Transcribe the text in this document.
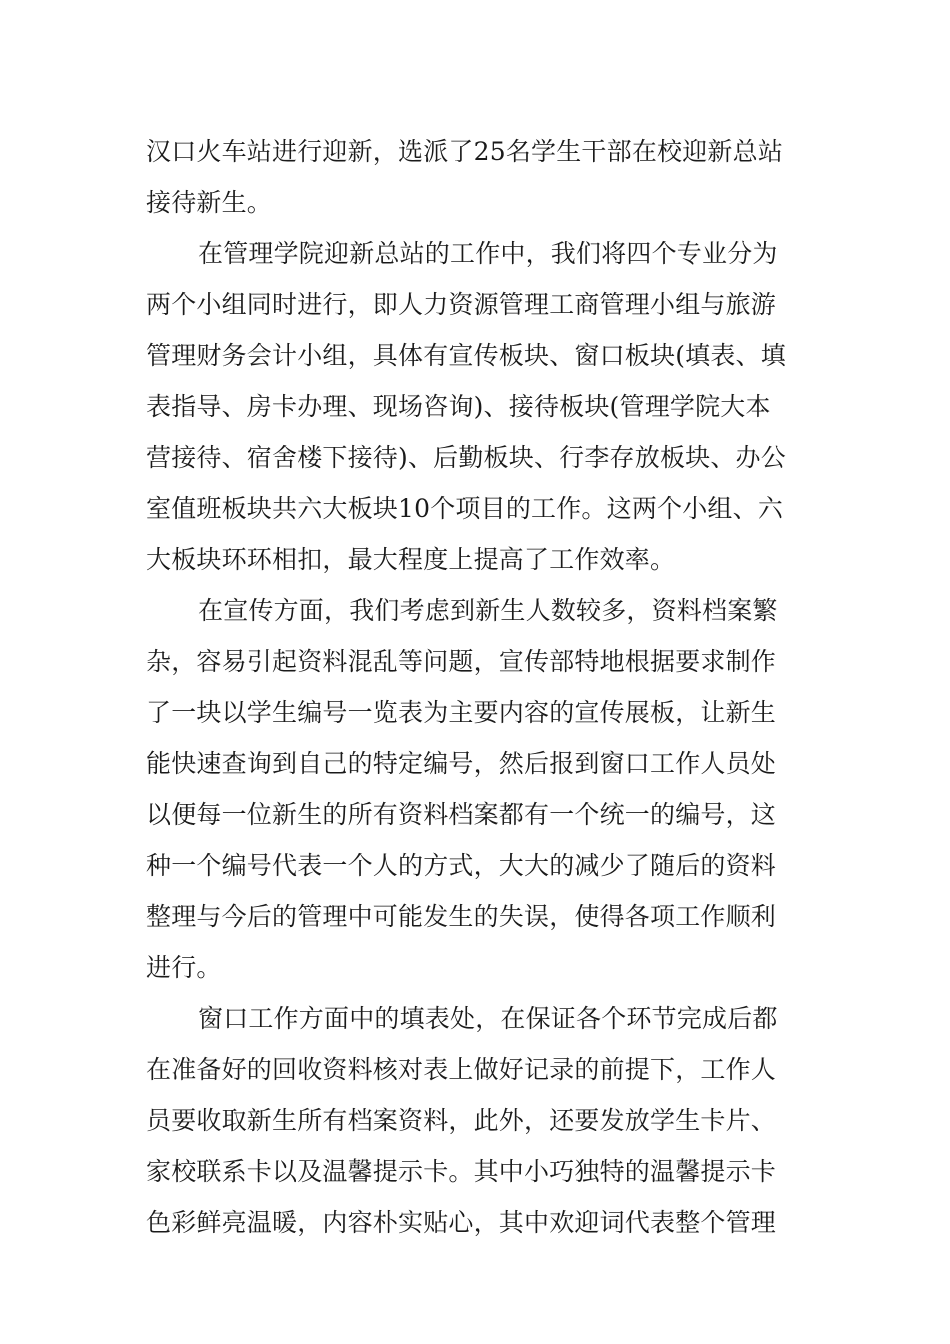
汉口火车站进行迎新，选派了25名学生干部在校迎新总站
接待新生。
在管理学院迎新总站的工作中，我们将四个专业分为
两个小组同时进行，即人力资源管理工商管理小组与旅游
管理财务会计小组，具体有宣传板块、窗口板块(填表、填
表指导、房卡办理、现场咨询)、接待板块(管理学院大本
营接待、宿舍楼下接待)、后勤板块、行李存放板块、办公
室值班板块共六大板块10个项目的工作。这两个小组、六
大板块环环相扣，最大程度上提高了工作效率。
在宣传方面，我们考虑到新生人数较多，资料档案繁
杂，容易引起资料混乱等问题，宣传部特地根据要求制作
了一块以学生编号一览表为主要内容的宣传展板，让新生
能快速查询到自己的特定编号，然后报到窗口工作人员处
以便每一位新生的所有资料档案都有一个统一的编号，这
种一个编号代表一个人的方式，大大的减少了随后的资料
整理与今后的管理中可能发生的失误，使得各项工作顺利
进行。
窗口工作方面中的填表处，在保证各个环节完成后都
在准备好的回收资料核对表上做好记录的前提下，工作人
员要收取新生所有档案资料，此外，还要发放学生卡片、
家校联系卡以及温馨提示卡。其中小巧独特的温馨提示卡
色彩鲜亮温暖，内容朴实贴心，其中欢迎词代表整个管理
